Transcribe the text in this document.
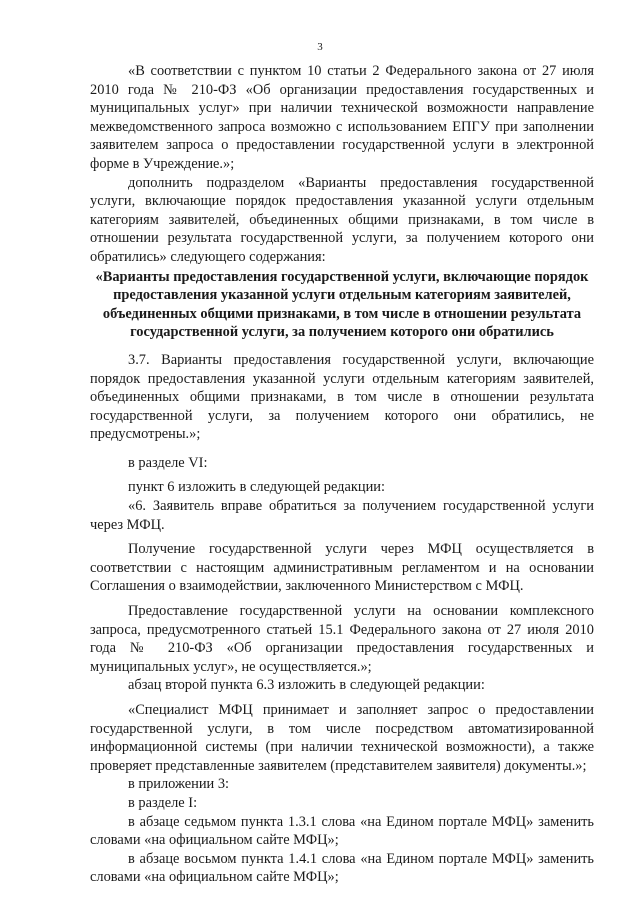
3

«В соответствии с пунктом 10 статьи 2 Федерального закона от 27 июля 2010 года № 210-ФЗ «Об организации предоставления государственных и муниципальных услуг» при наличии технической возможности направление межведомственного запроса возможно с использованием ЕПГУ при заполнении заявителем запроса о предоставлении государственной услуги в электронной форме в Учреждение.»;

дополнить подразделом «Варианты предоставления государственной услуги, включающие порядок предоставления указанной услуги отдельным категориям заявителей, объединенных общими признаками, в том числе в отношении результата государственной услуги, за получением которого они обратились» следующего содержания:

«Варианты предоставления государственной услуги, включающие порядок предоставления указанной услуги отдельным категориям заявителей, объединенных общими признаками, в том числе в отношении результата государственной услуги, за получением которого они обратились

3.7. Варианты предоставления государственной услуги, включающие порядок предоставления указанной услуги отдельным категориям заявителей, объединенных общими признаками, в том числе в отношении результата государственной услуги, за получением которого они обратились, не предусмотрены.»;

в разделе VI:

пункт 6 изложить в следующей редакции:

«6. Заявитель вправе обратиться за получением государственной услуги через МФЦ.

Получение государственной услуги через МФЦ осуществляется в соответствии с настоящим административным регламентом и на основании Соглашения о взаимодействии, заключенного Министерством с МФЦ.

Предоставление государственной услуги на основании комплексного запроса, предусмотренного статьей 15.1 Федерального закона от 27 июля 2010 года № 210-ФЗ «Об организации предоставления государственных и муниципальных услуг», не осуществляется.»;

абзац второй пункта 6.3 изложить в следующей редакции:

«Специалист МФЦ принимает и заполняет запрос о предоставлении государственной услуги, в том числе посредством автоматизированной информационной системы (при наличии технической возможности), а также проверяет представленные заявителем (представителем заявителя) документы.»;

в приложении 3:

в разделе I:

в абзаце седьмом пункта 1.3.1 слова «на Едином портале МФЦ» заменить словами «на официальном сайте МФЦ»;

в абзаце восьмом пункта 1.4.1 слова «на Едином портале МФЦ» заменить словами «на официальном сайте МФЦ»;
